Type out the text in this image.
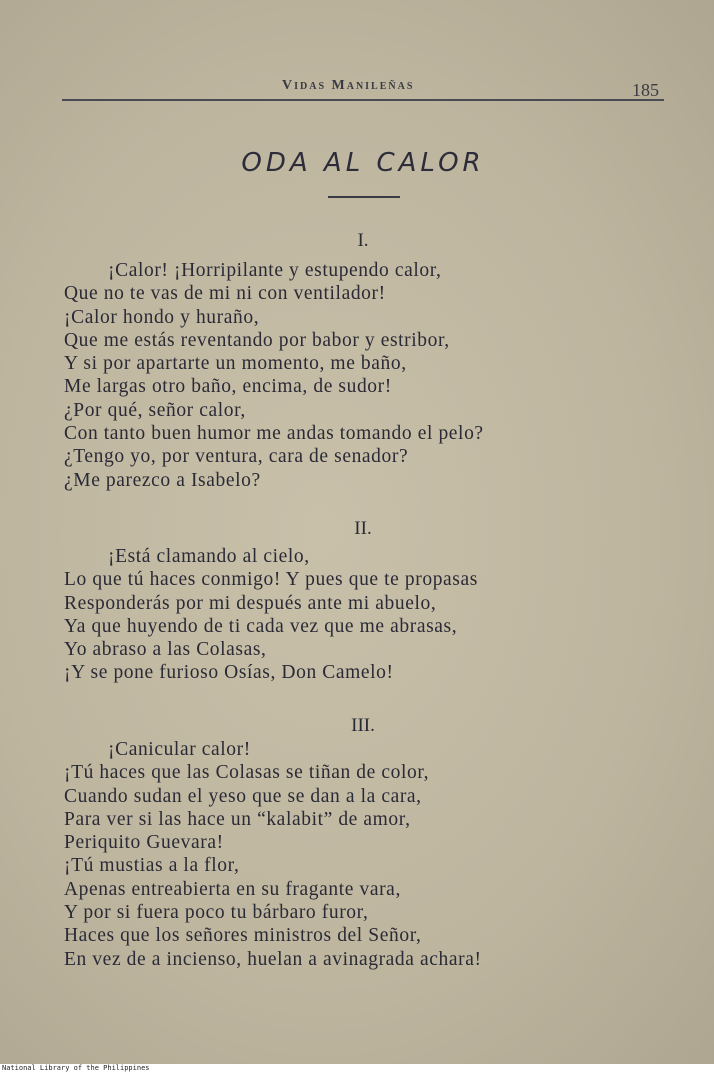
Vidas Manileñas	185
ODA AL CALOR
I.
¡Calor! ¡Horripilante y estupendo calor,
Que no te vas de mi ni con ventilador!
¡Calor hondo y huraño,
Que me estás reventando por babor y estribor,
Y si por apartarte un momento, me baño,
Me largas otro baño, encima, de sudor!
¿Por qué, señor calor,
Con tanto buen humor me andas tomando el pelo?
¿Tengo yo, por ventura, cara de senador?
¿Me parezco a Isabelo?
II.
¡Está clamando al cielo,
Lo que tú haces conmigo! Y pues que te propasas
Responderás por mi después ante mi abuelo,
Ya que huyendo de ti cada vez que me abrasas,
Yo abraso a las Colasas,
¡Y se pone furioso Osías, Don Camelo!
III.
¡Canicular calor!
¡Tú haces que las Colasas se tiñan de color,
Cuando sudan el yeso que se dan a la cara,
Para ver si las hace un “kalabit” de amor,
Periquito Guevara!
¡Tú mustias a la flor,
Apenas entreabierta en su fragante vara,
Y por si fuera poco tu bárbaro furor,
Haces que los señores ministros del Señor,
En vez de a incienso, huelan a avinagrada achara!
National Library of the Philippines
